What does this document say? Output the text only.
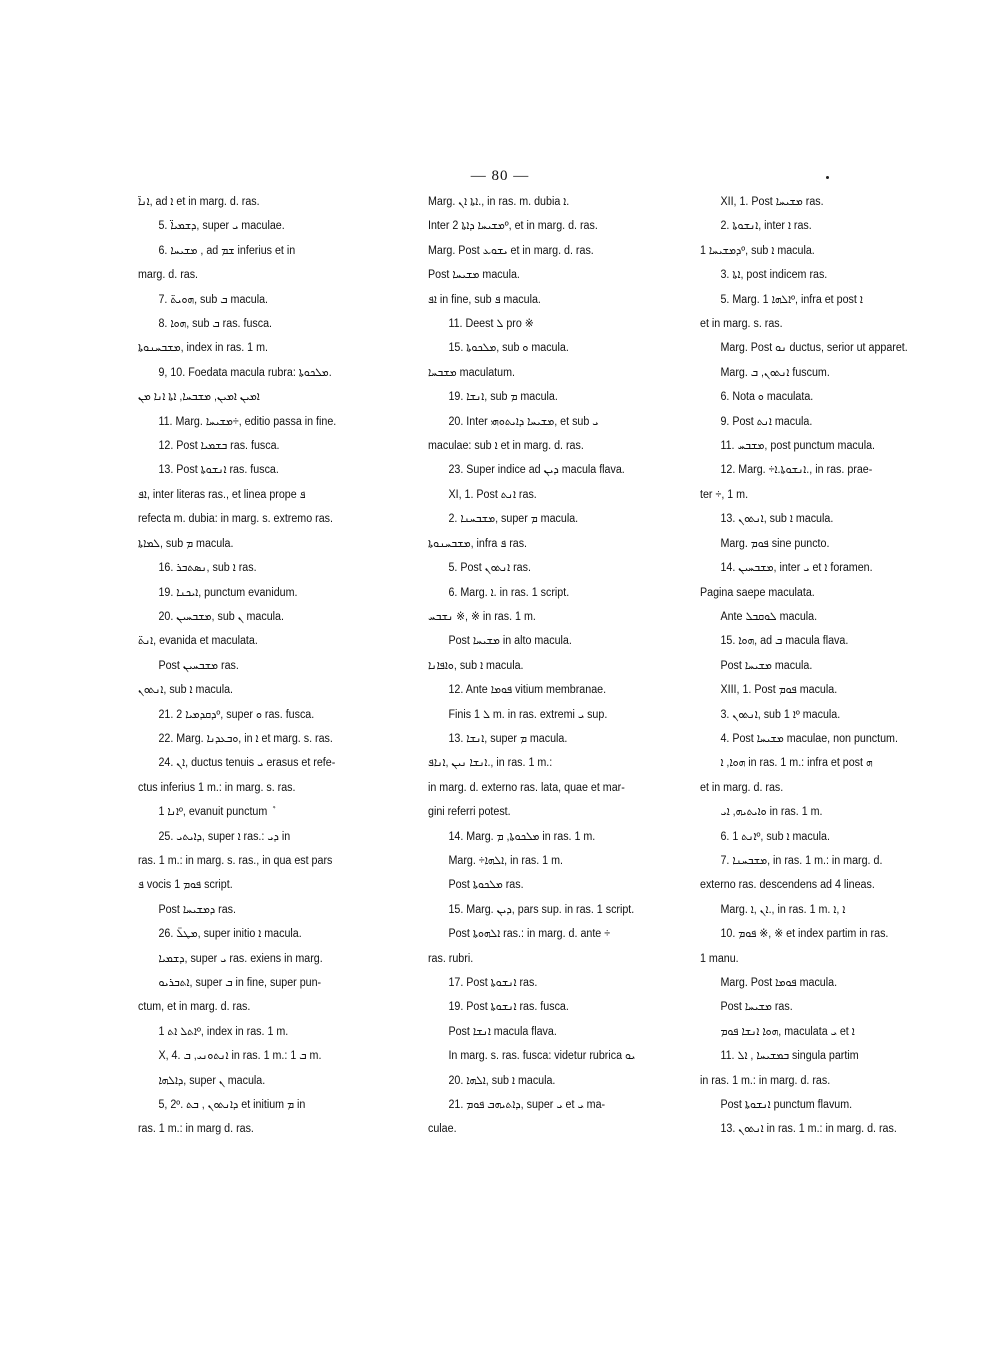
— 80 —
ܐܢܐ̈, ad ܐ et in marg. d. ras.
5. ܕܫܡܝܐ̈, super ܝ maculae.
6. ܡܫܝܚܐ , ad ܫܡ inferius et in
marg. d. ras.
7. ܗܘܝܬ̈, sub ܒ macula.
8. ܗܘܐ, sub ܒ ras. fusca.
ܡܫܒܚܢܘܬܐ, index in ras. 1 m.
9, 10. Foedata macula rubra: ܡܠܟܘܬܐ.
ܐܡܝܢ ܐܡܝܢ, ܡܫܒܚܐ, ܐܬܐ ܐܢܐ ܡܢ
11. Marg. ܡܫܝܚܐ÷, editio passa in fine.
12. Post ܒܫܡܝܐ ras. fusca.
13. Post ܐܢܫܘܬܐ ras. fusca.
ܐܦ, inter literas ras., et linea prope ܦ
refecta m. dubia: in marg. s. extremo ras.
ܠܡܐܬܐ, sub ܡ macula.
16. ܢܣܬܒܪ, sub ܐ ras.
19. ܐܝܟܢܐ, punctum evanidum.
20. ܡܫܒܚܝܢ, sub ܢ macula.
ܐܢܬ̈, evanida et maculata.
Post ܡܫܒܚܝܢ ras.
ܐܢܬܘܢ, sub ܐ macula.
21. ܕܩܕܡܝܐ 2º, super ܘ ras. fusca.
22. Marg. ܘܒܥܕܢܐ, in ܐ et marg. s. ras.
24. ܐܢ, ductus tenuis ܝ erasus et refe-
ctus inferius 1 m.: in marg. s. ras.
ܐܢܐ 1º, evanuit punctum ܶ
25. ܕܐܝܬܝ, super ܐ ras.: ܕܝ in
ras. 1 m.: in marg. s. ras., in qua est pars
ܦ vocis ܦܘܡ 1 script.
Post ܕܡܫܝܚܐ ras.
26. ܡܛܠ̈, super initio ܐ macula.
ܕܫܡܝܐ, super ܝ ras. exiens in marg.
ܐܬܒܪܝܘ, super ܒ in fine, super pun-
ctum, et in marg. d. ras.
ܐܬܠ ܐܬ 1º, index in ras. 1 m.
X, 4. ܐܢܬܘܢܝ, ܒ in ras. 1 m.: ܒ 1 m.
ܕܐܠܗܐ, super ܢ macula.
5, 2º. ܕܐܢܬܘܢ , ܒܬ et initium ܡ in
ras. 1 m.: in marg d. ras.
Marg. ܐܬܐ ܐܢ., in ras. m. dubia ܐ.
Inter ܡܫܝܚܐ ܕܐܬܐ 2º, et in marg. d. ras.
Marg. Post ܝܫܘܥ et in marg. d. ras.
Post ܡܫܝܚܐ macula.
ܐܦ in fine, sub ܦ macula.
11. Deest ܠ pro ※
15. ܡܠܟܘܬܐ, sub ܘ macula.
ܡܫܒܚܐ maculatum.
19. ܐܢܫܐ, sub ܡ macula.
20. Inter ܡܫܝܚܐ ܕܐܝܬܘܗܝ, et sub ܝ
maculae: sub ܐ et in marg. d. ras.
23. Super indice ad ܕܝܢ macula flava.
XI, 1. Post ܐܢܬ ras.
2. ܡܫܒܚܢܐ, super ܡ macula.
ܡܫܒܚܢܘܬܐ, infra ܦ ras.
5. Post ܐܢܬܘܢ ras.
6. Marg. ܐ. in ras. 1 script.
ܢܫܒܚ ※, ※ in ras. 1 m.
Post ܡܫܝܚܐ in alto macula.
ܘܐܦܐܢܐ, sub ܐ macula.
12. Ante ܦܘܡܐ vitium membranae.
Finis ܠ 1 m. in ras. extremi ܝ sup.
13. ܐܢܫܐ, super ܡ macula.
ܐܢܫܐ ܢܝܢ ,ܐܢܐܦ., in ras. 1 m.:
in marg. d. externo ras. lata, quae et mar-
gini referri potest.
14. Marg. ܡܠܟܘܬܐ, ܡ in ras. 1 m.
Marg. ÷ܐܠܗܐ, in ras. 1 m.
Post ܡܠܟܘܬܐ ras.
15. Marg. ܕܝܢ, pars sup. in ras. 1 script.
Post ܐܠܗܘܬܐ ras.: in marg. d. ante ÷
ras. rubri.
17. Post ܐܢܫܘܬܐ ras.
19. Post ܐܢܫܘܬܐ ras. fusca.
Post ܐܢܫܐ macula flava.
In marg. s. ras. fusca: videtur rubrica ܝܘ
20. ܐܠܗܐ, sub ܐ macula.
21. ܕܐܬܝܗܒ ܦܘܡ, super ܝ et ܝ ma-
culae.
XII, 1. Post ܡܫܝܚܐ ras.
2. ܐܢܫܘܬܐ, inter ܐ ras.
ܕܡܫܝܚܐ 1º, sub ܐ macula.
3. ܐܬܐ, post indicem ras.
5. Marg. ܐܠܗܐ 1º, infra et post ܐ
et in marg. s. ras.
Marg. Post ܢܘ ductus, serior ut apparet.
Marg. ܐܢܬܘܢ, ܒ fuscum.
6. Nota ܘ maculata.
9. Post ܐܢܬ macula.
11. ܡܫܒܚ, post punctum macula.
12. Marg. ÷ܐܢܫܘܬܐ.ܐ., in ras. prae-
ter ÷, 1 m.
13. ܐܢܬܘܢ, sub ܐ macula.
Marg. ܦܘܡ sine puncto.
14. ܡܫܒܚܝܢ, inter ܝ et ܐ foramen.
Pagina saepe maculata.
Ante ܠܘܩܒܠ macula.
15. ܗܘܐ, ad ܒ macula flava.
Post ܡܫܝܚܐ macula.
XIII, 1. Post ܦܘܡ macula.
3. ܐܢܬܘܢ, sub ܐ 1º macula.
4. Post ܡܫܝܚܐ maculae, non punctum.
ܗܘܐ, ܐ in ras. 1 m.: infra et post ܗ
et in marg. d. ras.
ܘܐܝܬܝܗ, ܐܝ in ras. 1 m.
6. ܐܢܬ 1º, sub ܐ macula.
7. ܡܫܒܚܢܐ, in ras. 1 m.: in marg. d.
externo ras. descendens ad 4 lineas.
Marg. ܐܢ ,ܐ., in ras. 1 m. ܐ ,ܐ
10. ܦܘܡ ※, ※ et index partim in ras.
1 manu.
Marg. Post ܦܘܡܐ macula.
Post ܡܫܝܚܐ ras.
ܗܘܐ ܐܢܫܐ ܦܘܡ, maculata ܝ et ܐ
11. ܒܡܫܝܚܐ , ܐܠ singula partim
in ras. 1 m.: in marg. d. ras.
Post ܐܢܫܘܬܐ punctum flavum.
13. ܐܢܬܘܢ in ras. 1 m.: in marg. d. ras.
